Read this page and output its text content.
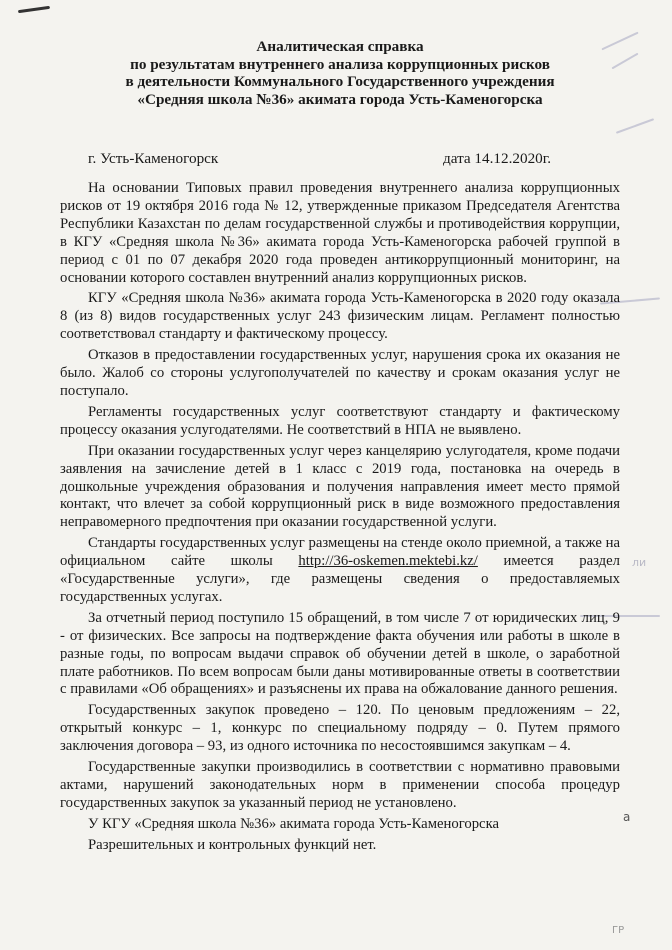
ли
а
ГР
Аналитическая справка
по результатам внутреннего анализа коррупционных рисков
в деятельности Коммунального Государственного учреждения
«Средняя школа №36» акимата города Усть-Каменогорска
г. Усть-Каменогорск	дата 14.12.2020г.

На основании Типовых правил проведения внутреннего анализа коррупционных рисков от 19 октября 2016 года № 12, утвержденные приказом Председателя Агентства Республики Казахстан по делам государственной службы и противодействия коррупции, в КГУ «Средняя школа №36» акимата города Усть-Каменогорска рабочей группой в период с 01 по 07 декабря 2020 года проведен антикоррупционный мониторинг, на основании которого составлен внутренний анализ коррупционных рисков.

КГУ «Средняя школа №36» акимата города Усть-Каменогорска в 2020 году оказала 8 (из 8) видов государственных услуг 243 физическим лицам. Регламент полностью соответствовал стандарту и фактическому процессу.

Отказов в предоставлении государственных услуг, нарушения срока их оказания не было. Жалоб со стороны услугополучателей по качеству и срокам оказания услуг не поступало.

Регламенты государственных услуг соответствуют стандарту и фактическому процессу оказания услугодателями. Не соответствий в НПА не выявлено.

При оказании государственных услуг через канцелярию услугодателя, кроме подачи заявления на зачисление детей в 1 класс с 2019 года, постановка на очередь в дошкольные учреждения образования и получения направления имеет место прямой контакт, что влечет за собой коррупционный риск в виде возможного предоставления неправомерного предпочтения при оказании государственной услуги.

Стандарты государственных услуг размещены на стенде около приемной, а также на официальном сайте школы http://36-oskemen.mektebi.kz/ имеется раздел «Государственные услуги», где размещены сведения о предоставляемых государственных услугах.

За отчетный период поступило 15 обращений, в том числе 7 от юридических лиц, 9 - от физических. Все запросы на подтверждение факта обучения или работы в школе в разные годы, по вопросам выдачи справок об обучении детей в школе, о заработной плате работников. По всем вопросам были даны мотивированные ответы в соответствии с правилами «Об обращениях» и разъяснены их права на обжалование данного решения.

Государственных закупок проведено – 120. По ценовым предложениям – 22, открытый конкурс – 1, конкурс по специальному подряду – 0. Путем прямого заключения договора – 93, из одного источника по несостоявшимся закупкам – 4.

Государственные закупки производились в соответствии с нормативно правовыми актами, нарушений законодательных норм в применении способа процедур государственных закупок за указанный период не установлено.

У КГУ «Средняя школа №36» акимата города Усть-Каменогорска

Разрешительных и контрольных функций нет.
